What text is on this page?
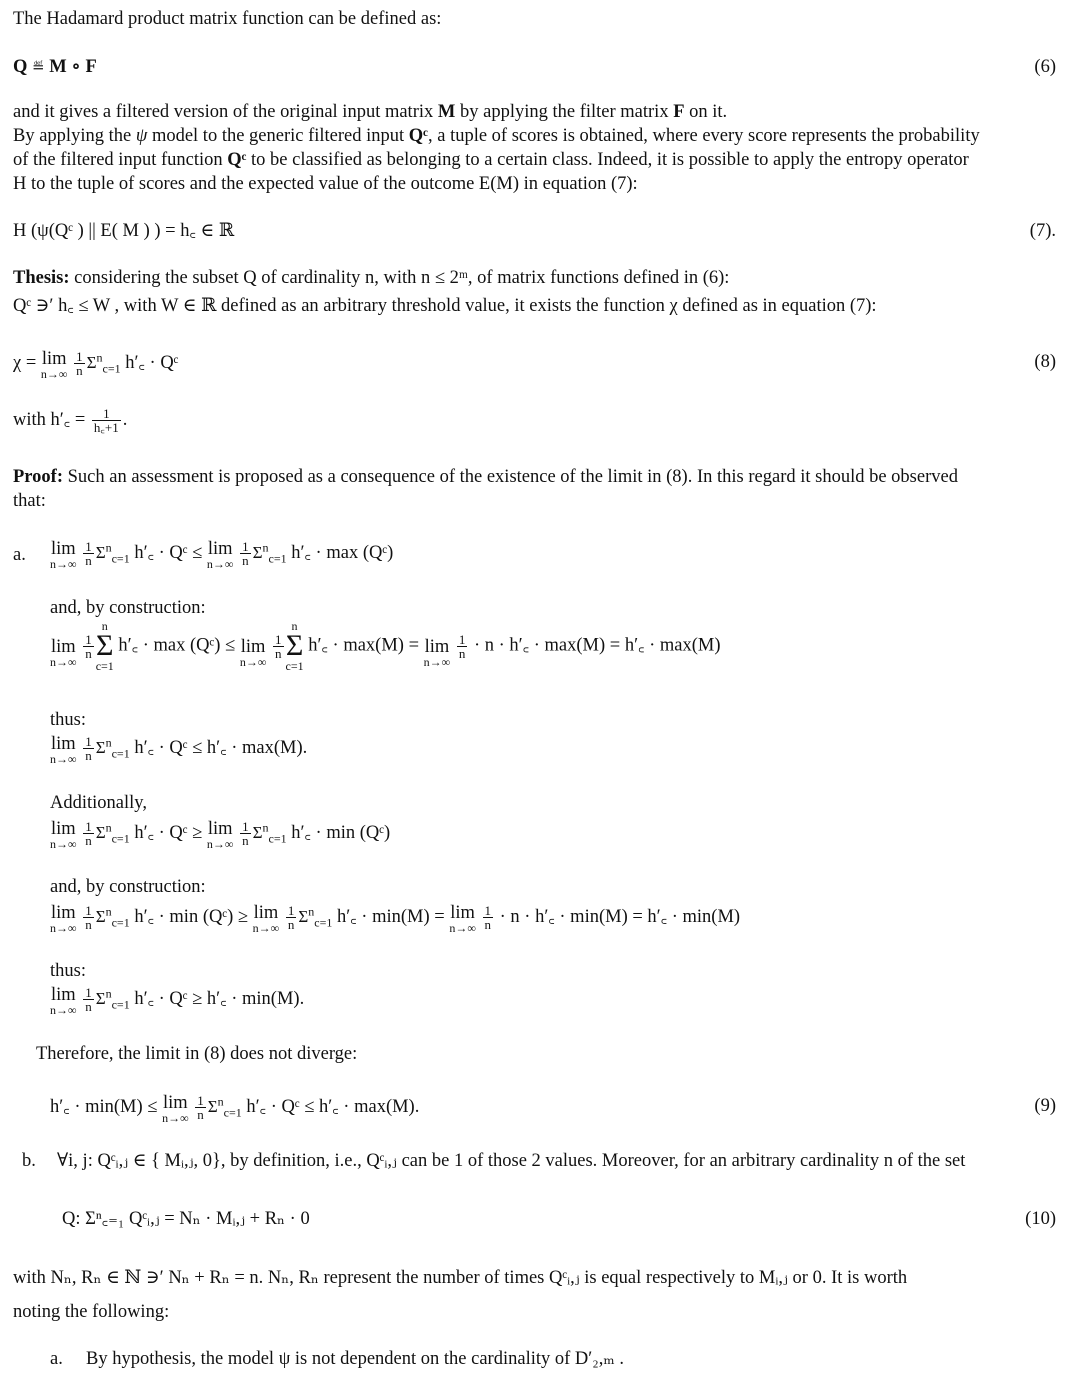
The Hadamard product matrix function can be defined as:
Q ≝ M ∘ F	(6)
and it gives a filtered version of the original input matrix M by applying the filter matrix F on it.
By applying the ψ model to the generic filtered input Qᶜ, a tuple of scores is obtained, where every score represents the probability
of the filtered input function Qᶜ to be classified as belonging to a certain class. Indeed, it is possible to apply the entropy operator
H to the tuple of scores and the expected value of the outcome E(M) in equation (7):
H (ψ(Qᶜ ) || E( M ) ) = h꜀ ∈ ℝ	(7).
Thesis: considering the subset Q of cardinality n, with n ≤ 2ᵐ, of matrix functions defined in (6):
Qᶜ ∋′ h꜀ ≤ W , with W ∈ ℝ defined as an arbitrary threshold value, it exists the function χ defined as in equation (7):
χ = lim
n→∞
$\frac{1}{n} \Sigma^n_{c=1}$ h′꜀ · Qᶜ	(8)
with h′꜀ = $\frac{1}{h꜀+1}$ .
Proof: Such an assessment is proposed as a consequence of the existence of the limit in (8). In this regard it should be observed
that:
a. lim
n→∞
$\frac{1}{n} \Sigma^n_{c=1}$ h′꜀ · Qᶜ ≤ lim
n→∞
$\frac{1}{n} \Sigma^n_{c=1}$ h′꜀ · max (Qᶜ)
and, by construction:
lim
n→∞

$\frac{1}{n}$
n
Σ
c=1 h′꜀ · max (Qᶜ) ≤ lim
n→∞

$\frac{1}{n}$
n
Σ
c=1 h′꜀ · max(M) = lim
n→∞

$\frac{1}{n} \cdot n$ · h′꜀ · max(M) = h′꜀ · max(M)
thus:
lim
n→∞
$\frac{1}{n} \Sigma^n_{c=1}$ h′꜀ · Qᶜ ≤ h′꜀ · max(M).
Additionally,
lim
n→∞
$\frac{1}{n} \Sigma^n_{c=1}$ h′꜀ · Qᶜ ≥ lim
n→∞
$\frac{1}{n} \Sigma^n_{c=1}$ h′꜀ · min (Qᶜ)
and, by construction:
lim
n→∞
$\frac{1}{n} \Sigma^n_{c=1}$ h′꜀ · min (Qᶜ) ≥ lim
n→∞
$\frac{1}{n} \Sigma^n_{c=1}$ h′꜀ · min(M) = lim
n→∞
$\frac{1}{n} \cdot n$ · h′꜀ · min(M) = h′꜀ · min(M)
thus:
lim
n→∞
$\frac{1}{n} \Sigma^n_{c=1}$ h′꜀ · Qᶜ ≥ h′꜀ · min(M).
Therefore, the limit in (8) does not diverge:
h′꜀ · min(M) ≤ lim
n→∞
$\frac{1}{n} \Sigma^n_{c=1}$ h′꜀ · Qᶜ ≤ h′꜀ · max(M).	(9)
b. ∀i, j: Qᶜᵢ,ⱼ ∈ { Mᵢ,ⱼ, 0}, by definition, i.e., Qᶜᵢ,ⱼ can be 1 of those 2 values. Moreover, for an arbitrary cardinality n of the set
Q: Σⁿ꜀₌₁ Qᶜᵢ,ⱼ = Nₙ · Mᵢ,ⱼ + Rₙ · 0	(10)
with Nₙ, Rₙ ∈ ℕ ∋′ Nₙ + Rₙ = n. Nₙ, Rₙ represent the number of times Qᶜᵢ,ⱼ is equal respectively to Mᵢ,ⱼ or 0. It is worth
noting the following:
a. By hypothesis, the model ψ is not dependent on the cardinality of D′₂,ₘ .
